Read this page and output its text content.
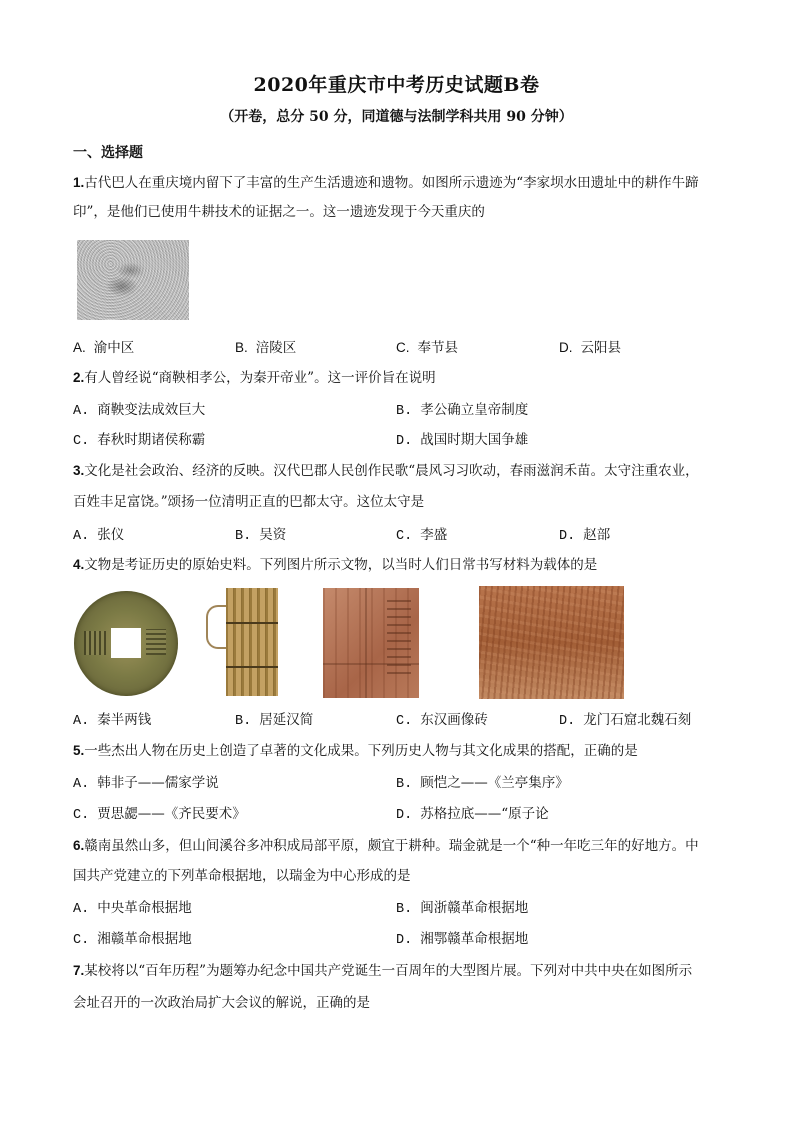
2020年重庆市中考历史试题B卷
（开卷，总分 50 分，同道德与法制学科共用 90 分钟）
一、选择题
1.古代巴人在重庆境内留下了丰富的生产生活遗迹和遗物。如图所示遗迹为“李家坝水田遗址中的耕作牛蹄
印”，是他们已使用牛耕技术的证据之一。这一遗迹发现于今天重庆的
A. 渝中区	B. 涪陵区	C. 奉节县	D. 云阳县
2.有人曾经说“商鞅相孝公，为秦开帝业”。这一评价旨在说明
A. 商鞅变法成效巨大	B. 孝公确立皇帝制度
C. 春秋时期诸侯称霸	D. 战国时期大国争雄
3.文化是社会政治、经济的反映。汉代巴郡人民创作民歌“晨风习习吹动，春雨滋润禾苗。太守注重农业，
百姓丰足富饶。”颂扬一位清明正直的巴都太守。这位太守是
A. 张仪	B. 吴资	C. 李盛	D. 赵部
4.文物是考证历史的原始史料。下列图片所示文物，以当时人们日常书写材料为载体的是
A. 秦半两钱	B. 居延汉简	C. 东汉画像砖	D. 龙门石窟北魏石刻
5.一些杰出人物在历史上创造了卓著的文化成果。下列历史人物与其文化成果的搭配，正确的是
A. 韩非子——儒家学说	B. 顾恺之——《兰亭集序》
C. 贾思勰——《齐民要术》	D. 苏格拉底——“原子论
6.赣南虽然山多，但山间溪谷多冲积成局部平原，颇宜于耕种。瑞金就是一个“种一年吃三年的好地方。中
国共产党建立的下列革命根据地，以瑞金为中心形成的是
A. 中央革命根据地	B. 闽浙赣革命根据地
C. 湘赣革命根据地	D. 湘鄂赣革命根据地
7.某校将以“百年历程”为题筹办纪念中国共产党诞生一百周年的大型图片展。下列对中共中央在如图所示
会址召开的一次政治局扩大会议的解说，正确的是
